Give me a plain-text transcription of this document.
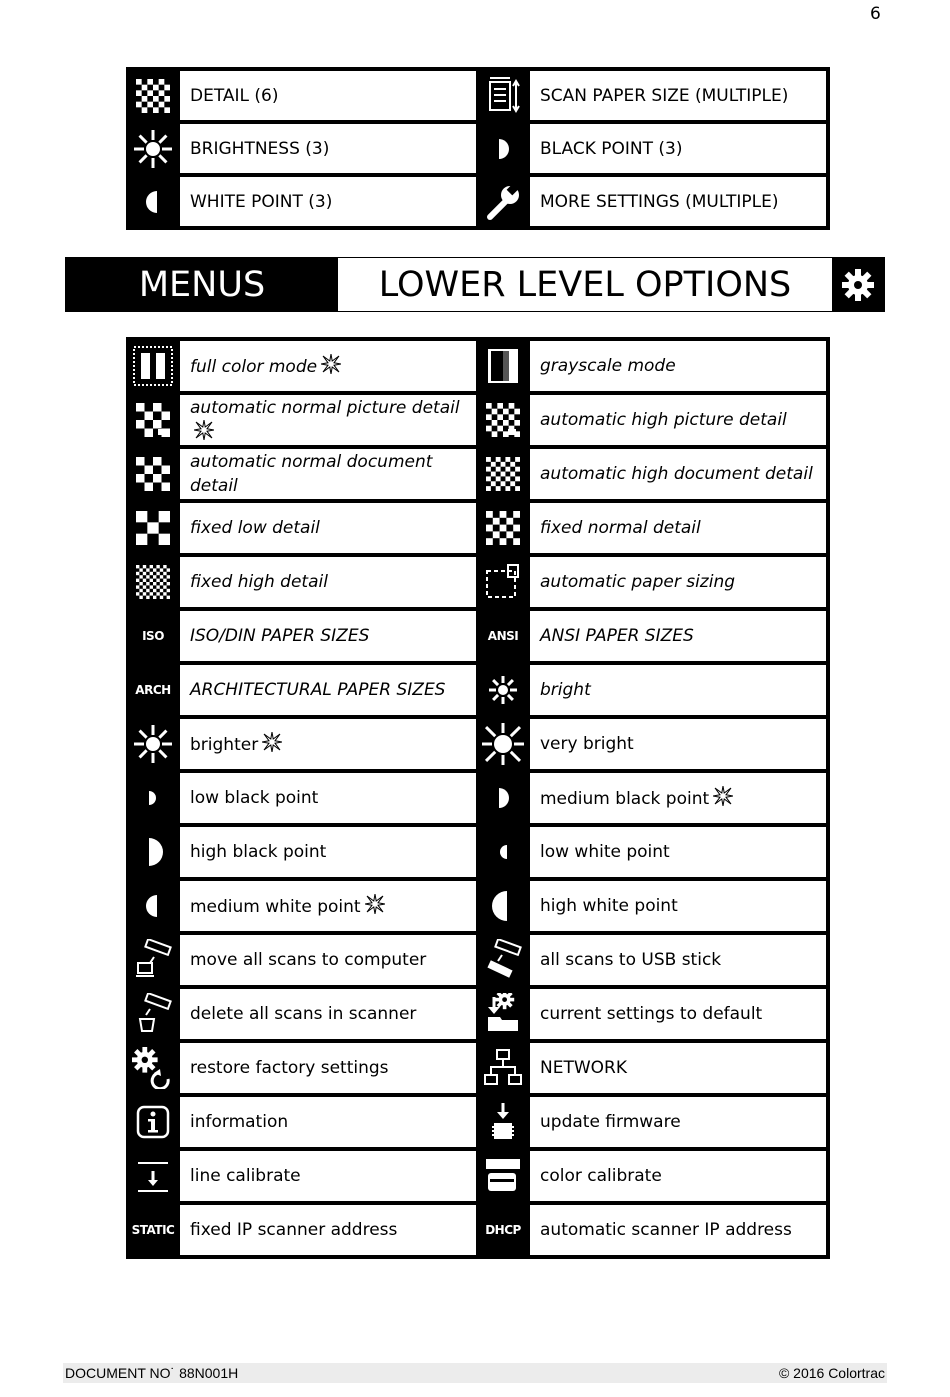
6
	DETAIL (6)		SCAN PAPER SIZE (MULTIPLE)

	BRIGHTNESS (3)		BLACK POINT (3)

	WHITE POINT (3)		MORE SETTINGS (MULTIPLE)
MENUS	LOWER LEVEL OPTIONS
	full color mode		grayscale mode

	automatic normal picture detail		automatic high picture detail

	automatic normal document detail		automatic high document detail

	fixed low detail		fixed normal detail

	fixed high detail		automatic paper sizing
ISO	ISO/DIN PAPER SIZES	ANSI	ANSI PAPER SIZES
ARCH	ARCHITECTURAL PAPER SIZES		bright

	brighter		very bright

	low black point		medium black point

	high black point		low white point

	medium white point		high white point

	move all scans to computer		all scans to USB stick

	delete all scans in scanner		current settings to default

	restore factory settings		NETWORK

	information		update firmware

	line calibrate		color calibrate
STATIC	fixed IP scanner address	DHCP	automatic scanner IP address
DOCUMENT NO˙ 88N001H	© 2016 Colortrac
